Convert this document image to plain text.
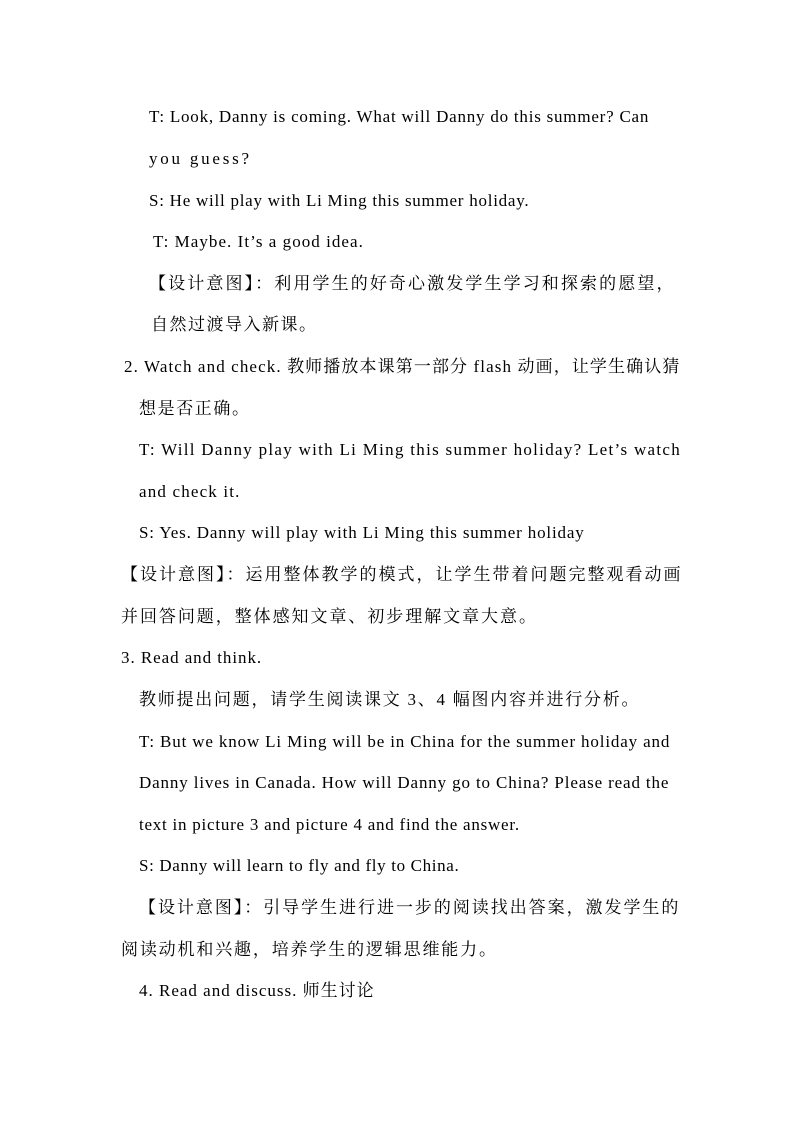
T: Look, Danny is coming. What will Danny do this summer? Can
you guess?
S: He will play with Li Ming this summer holiday.
T: Maybe. It’s a good idea.
【设计意图】：利用学生的好奇心激发学生学习和探索的愿望，
自然过渡导入新课。
2. Watch and check. 教师播放本课第一部分 flash 动画，让学生确认猜
想是否正确。
T: Will Danny play with Li Ming this summer holiday? Let’s watch
and check it.
S: Yes. Danny will play with Li Ming this summer holiday
【设计意图】：运用整体教学的模式，让学生带着问题完整观看动画
并回答问题，整体感知文章、初步理解文章大意。
3. Read and think.
教师提出问题，请学生阅读课文 3、4 幅图内容并进行分析。
T: But we know Li Ming will be in China for the summer holiday and
Danny lives in Canada. How will Danny go to China? Please read the
text in picture 3 and picture 4 and find the answer.
S: Danny will learn to fly and fly to China.
【设计意图】：引导学生进行进一步的阅读找出答案，激发学生的
阅读动机和兴趣，培养学生的逻辑思维能力。
4. Read and discuss. 师生讨论
